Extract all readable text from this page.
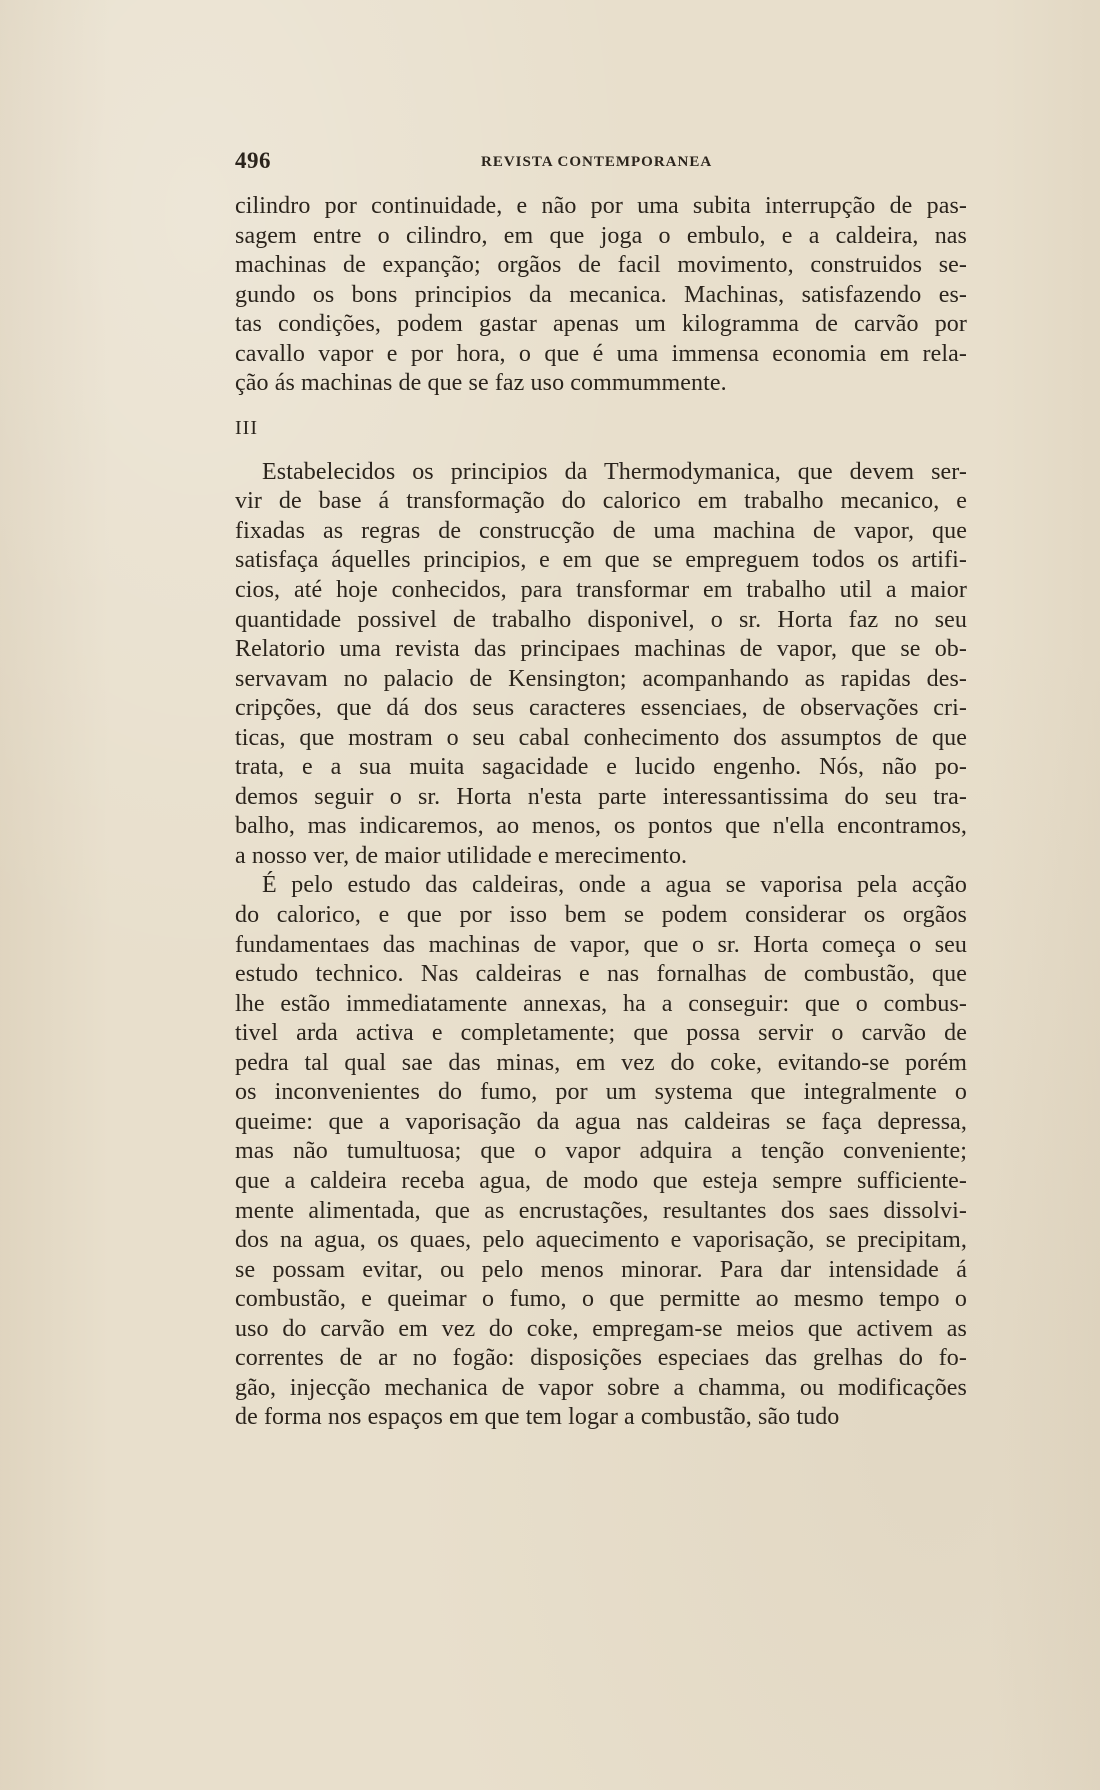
496	REVISTA CONTEMPORANEA
cilindro por continuidade, e não por uma subita interrupção de pas-
sagem entre o cilindro, em que joga o embulo, e a caldeira, nas
machinas de expanção; orgãos de facil movimento, construidos se-
gundo os bons principios da mecanica. Machinas, satisfazendo es-
tas condições, podem gastar apenas um kilogramma de carvão por
cavallo vapor e por hora, o que é uma immensa economia em rela-
ção ás machinas de que se faz uso commummente.
III
Estabelecidos os principios da Thermodymanica, que devem ser-
vir de base á transformação do calorico em trabalho mecanico, e
fixadas as regras de construcção de uma machina de vapor, que
satisfaça áquelles principios, e em que se empreguem todos os artifi-
cios, até hoje conhecidos, para transformar em trabalho util a maior
quantidade possivel de trabalho disponivel, o sr. Horta faz no seu
Relatorio uma revista das principaes machinas de vapor, que se ob-
servavam no palacio de Kensington; acompanhando as rapidas des-
cripções, que dá dos seus caracteres essenciaes, de observações cri-
ticas, que mostram o seu cabal conhecimento dos assumptos de que
trata, e a sua muita sagacidade e lucido engenho. Nós, não po-
demos seguir o sr. Horta n'esta parte interessantissima do seu tra-
balho, mas indicaremos, ao menos, os pontos que n'ella encontramos,
a nosso ver, de maior utilidade e merecimento.
É pelo estudo das caldeiras, onde a agua se vaporisa pela acção
do calorico, e que por isso bem se podem considerar os orgãos
fundamentaes das machinas de vapor, que o sr. Horta começa o seu
estudo technico. Nas caldeiras e nas fornalhas de combustão, que
lhe estão immediatamente annexas, ha a conseguir: que o combus-
tivel arda activa e completamente; que possa servir o carvão de
pedra tal qual sae das minas, em vez do coke, evitando-se porém
os inconvenientes do fumo, por um systema que integralmente o
queime: que a vaporisação da agua nas caldeiras se faça depressa,
mas não tumultuosa; que o vapor adquira a tenção conveniente;
que a caldeira receba agua, de modo que esteja sempre sufficiente-
mente alimentada, que as encrustações, resultantes dos saes dissolvi-
dos na agua, os quaes, pelo aquecimento e vaporisação, se precipitam,
se possam evitar, ou pelo menos minorar. Para dar intensidade á
combustão, e queimar o fumo, o que permitte ao mesmo tempo o
uso do carvão em vez do coke, empregam-se meios que activem as
correntes de ar no fogão: disposições especiaes das grelhas do fo-
gão, injecção mechanica de vapor sobre a chamma, ou modificações
de forma nos espaços em que tem logar a combustão, são tudo
